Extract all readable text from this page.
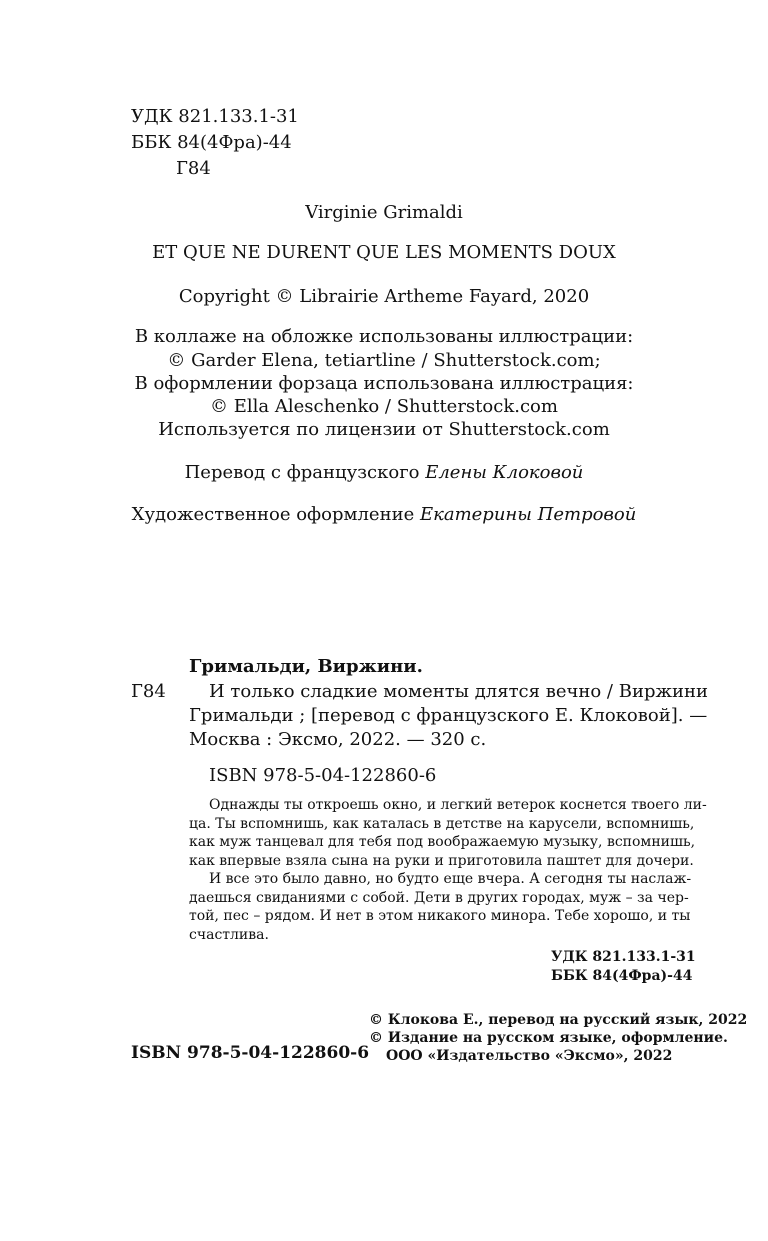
УДК 821.133.1-31
ББК 84(4Фра)-44
Г84
Virginie Grimaldi
ET QUE NE DURENT QUE LES MOMENTS DOUX
Copyright © Librairie Artheme Fayard, 2020
В коллаже на обложке использованы иллюстрации:
© Garder Elena, tetiartline / Shutterstock.com;
В оформлении форзаца использована иллюстрация:
© Ella Aleschenko / Shutterstock.com
Используется по лицензии от Shutterstock.com
Перевод с французского Елены Клоковой
Художественное оформление Екатерины Петровой
Гримальди, Виржини.
Г84 И только сладкие моменты длятся вечно / Виржини
Гримальди ; [перевод с французского Е. Клоковой]. —
Москва : Эксмо, 2022. — 320 с.
ISBN 978-5-04-122860-6
Однажды ты откроешь окно, и легкий ветерок коснется твоего ли-
ца. Ты вспомнишь, как каталась в детстве на карусели, вспомнишь,
как муж танцевал для тебя под воображаемую музыку, вспомнишь,
как впервые взяла сына на руки и приготовила паштет для дочери.
И все это было давно, но будто еще вчера. А сегодня ты наслаж-
даешься свиданиями с собой. Дети в других городах, муж – за чер-
той, пес – рядом. И нет в этом никакого минора. Тебе хорошо, и ты
счастлива.
УДК 821.133.1-31
ББК 84(4Фра)-44
© Клокова Е., перевод на русский язык, 2022
© Издание на русском языке, оформление.
ООО «Издательство «Эксмо», 2022
ISBN 978-5-04-122860-6
